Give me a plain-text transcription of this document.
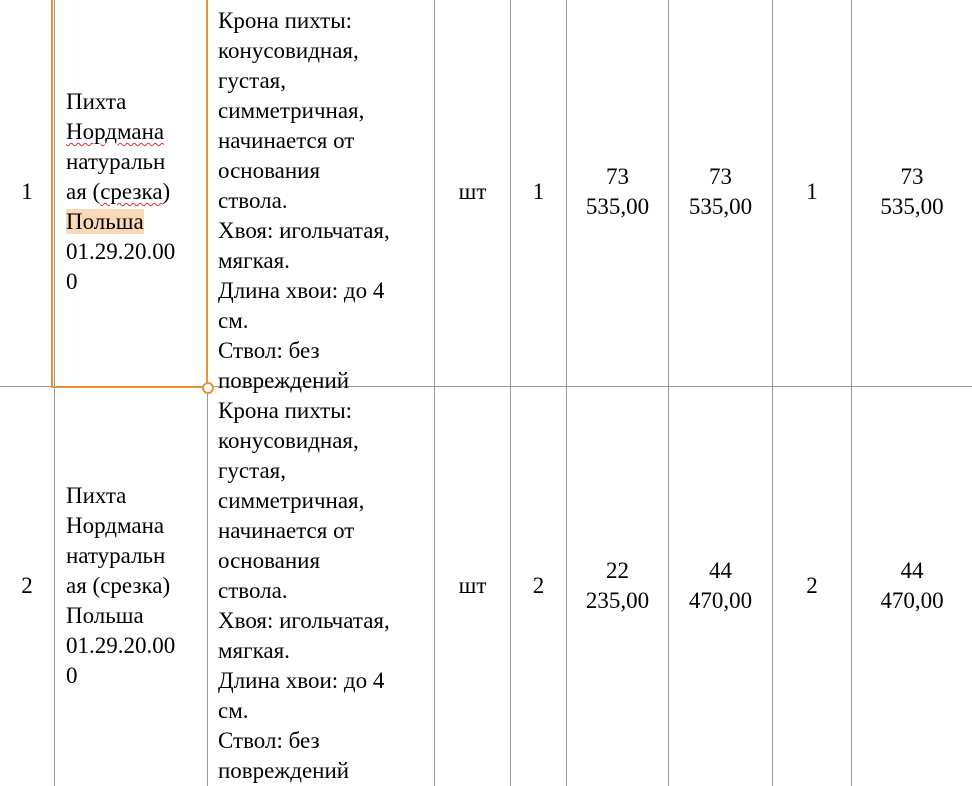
1
Пихта
Нордмана
натуральн
ая (срезка)
Польша
01.29.20.00
0
Крона пихты:
конусовидная,
густая,
симметричная,
начинается от
основания
ствола.
Хвоя: игольчатая,
мягкая.
Длина хвои: до 4
см.
Ствол: без
повреждений
шт 1
73
535,00
73
535,00
1
73
535,00
2
Пихта
Нордмана
натуральн
ая (срезка)
Польша
01.29.20.00
0
Крона пихты:
конусовидная,
густая,
симметричная,
начинается от
основания
ствола.
Хвоя: игольчатая,
мягкая.
Длина хвои: до 4
см.
Ствол: без
повреждений
шт 2
22
235,00
44
470,00
2
44
470,00
